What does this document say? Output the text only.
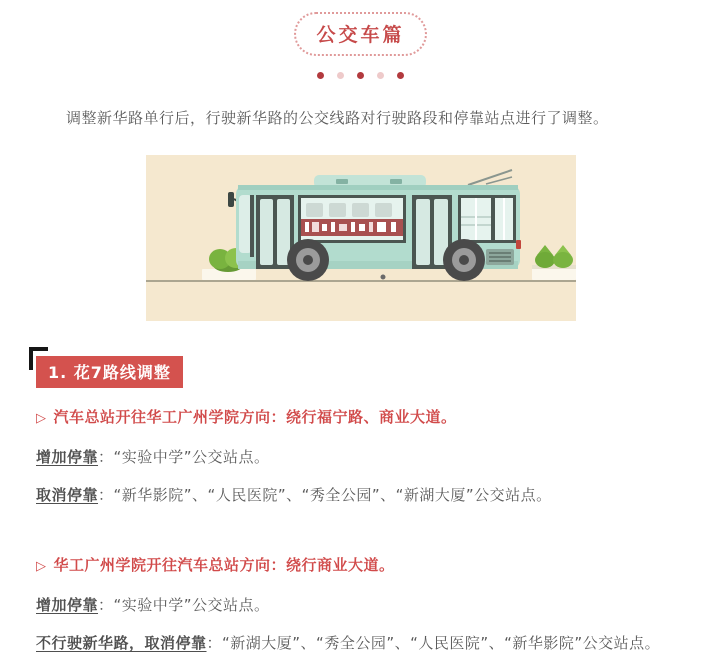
公交车篇

调整新华路单行后，行驶新华路的公交线路对行驶路段和停靠站点进行了调整。

1. 花7路线调整

▷ 汽车总站开往华工广州学院方向：绕行福宁路、商业大道。

增加停靠：“实验中学”公交站点。

取消停靠：“新华影院”、“人民医院”、“秀全公园”、“新湖大厦”公交站点。

▷ 华工广州学院开往汽车总站方向：绕行商业大道。

增加停靠：“实验中学”公交站点。

不行驶新华路，取消停靠：“新湖大厦”、“秀全公园”、“人民医院”、“新华影院”公交站点。
